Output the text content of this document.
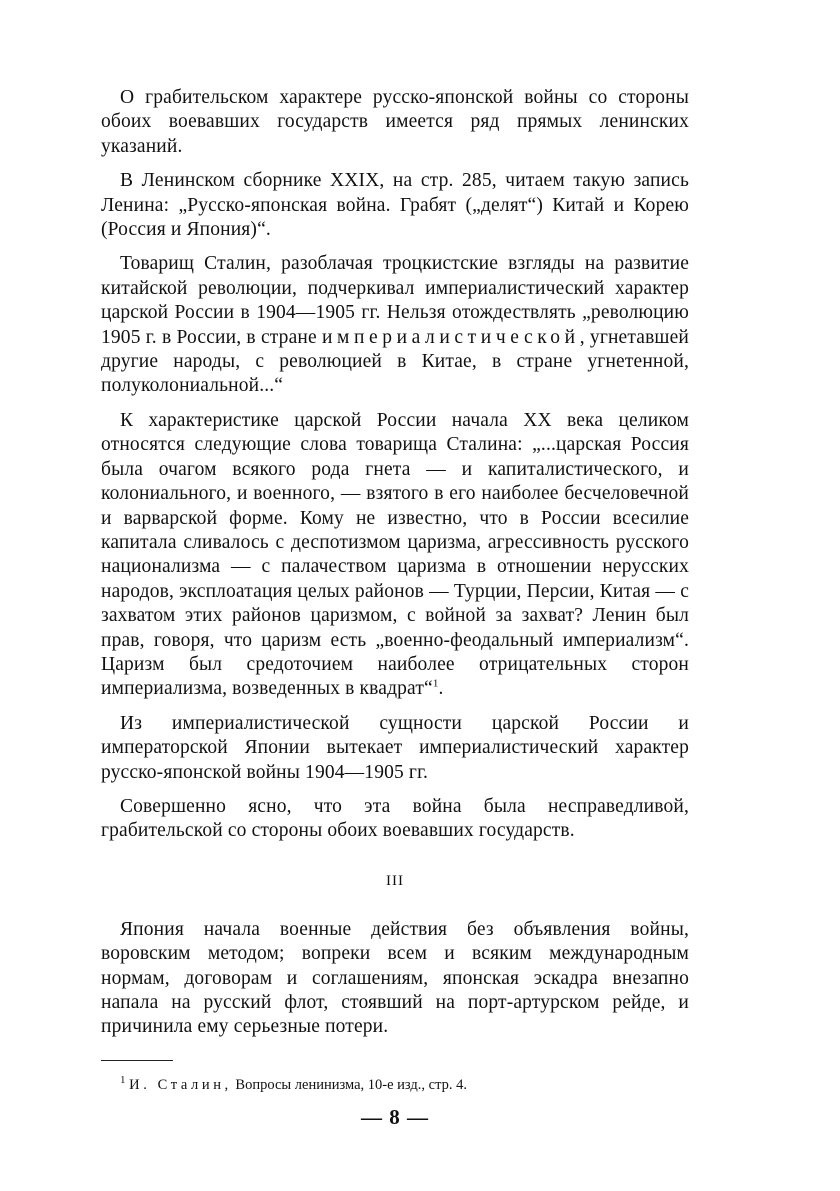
О грабительском характере русско-японской войны со стороны обоих воевавших государств имеется ряд прямых ленинских указаний.

В Ленинском сборнике XXIX, на стр. 285, читаем такую запись Ленина: „Русско-японская война. Грабят („делят“) Китай и Корею (Россия и Япония)“.

Товарищ Сталин, разоблачая троцкистские взгляды на развитие китайской революции, подчеркивал империалистический характер царской России в 1904—1905 гг. Нельзя отождествлять „революцию 1905 г. в России, в стране империалистической, угнетавшей другие народы, с революцией в Китае, в стране угнетенной, полуколониальной...“

К характеристике царской России начала XX века целиком относятся следующие слова товарища Сталина: „...царская Россия была очагом всякого рода гнета — и капиталистического, и колониального, и военного, — взятого в его наиболее бесчеловечной и варварской форме. Кому не известно, что в России всесилие капитала сливалось с деспотизмом царизма, агрессивность русского национализма — с палачеством царизма в отношении нерусских народов, эксплоатация целых районов — Турции, Персии, Китая — с захватом этих районов царизмом, с войной за захват? Ленин был прав, говоря, что царизм есть „военно-феодальный империализм“. Царизм был средоточием наиболее отрицательных сторон империализма, возведенных в квадрат“$^1$.

Из империалистической сущности царской России и императорской Японии вытекает империалистический характер русско-японской войны 1904—1905 гг.

Совершенно ясно, что эта война была несправедливой, грабительской со стороны обоих воевавших государств.

III

Япония начала военные действия без объявления войны, воровским методом; вопреки всем и всяким международным нормам, договорам и соглашениям, японская эскадра внезапно напала на русский флот, стоявший на порт-артурском рейде, и причинила ему серьезные потери.

$^1$ И. Сталин, Вопросы ленинизма, 10-е изд., стр. 4.

— 8 —
